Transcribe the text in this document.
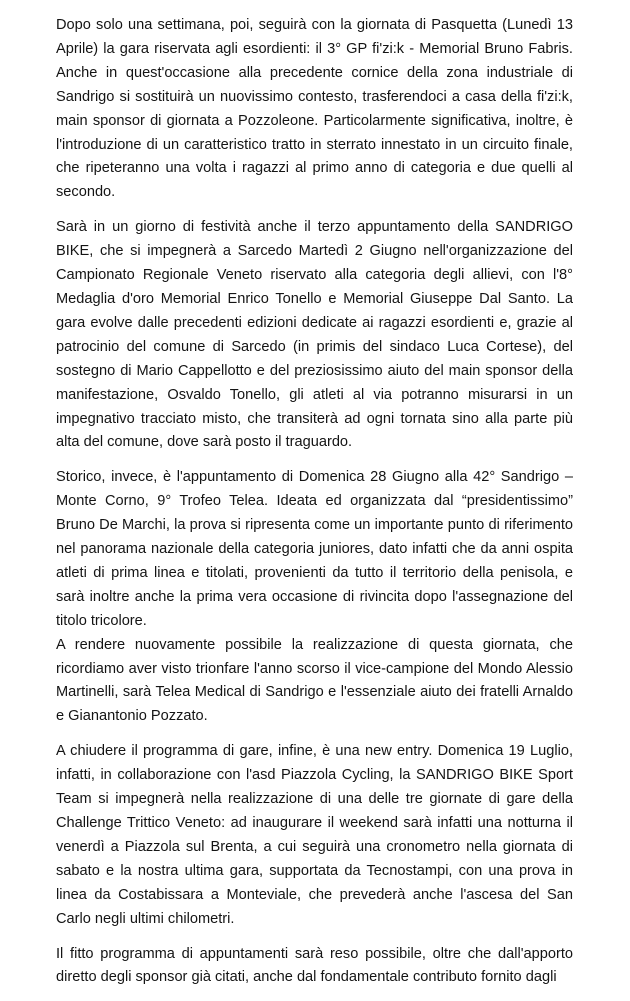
Dopo solo una settimana, poi, seguirà con la giornata di Pasquetta (Lunedì 13 Aprile) la gara riservata agli esordienti: il 3° GP fi'zi:k - Memorial Bruno Fabris. Anche in quest'occasione alla precedente cornice della zona industriale di Sandrigo si sostituirà un nuovissimo contesto, trasferendoci a casa della fi'zi:k, main sponsor di giornata a Pozzoleone. Particolarmente significativa, inoltre, è l'introduzione di un caratteristico tratto in sterrato innestato in un circuito finale, che ripeteranno una volta i ragazzi al primo anno di categoria e due quelli al secondo.

Sarà in un giorno di festività anche il terzo appuntamento della SANDRIGO BIKE, che si impegnerà a Sarcedo Martedì 2 Giugno nell'organizzazione del Campionato Regionale Veneto riservato alla categoria degli allievi, con l'8° Medaglia d'oro Memorial Enrico Tonello e Memorial Giuseppe Dal Santo. La gara evolve dalle precedenti edizioni dedicate ai ragazzi esordienti e, grazie al patrocinio del comune di Sarcedo (in primis del sindaco Luca Cortese), del sostegno di Mario Cappellotto e del preziosissimo aiuto del main sponsor della manifestazione, Osvaldo Tonello, gli atleti al via potranno misurarsi in un impegnativo tracciato misto, che transiterà ad ogni tornata sino alla parte più alta del comune, dove sarà posto il traguardo.

Storico, invece, è l'appuntamento di Domenica 28 Giugno alla 42° Sandrigo – Monte Corno, 9° Trofeo Telea. Ideata ed organizzata dal “presidentissimo” Bruno De Marchi, la prova si ripresenta come un importante punto di riferimento nel panorama nazionale della categoria juniores, dato infatti che da anni ospita atleti di prima linea e titolati, provenienti da tutto il territorio della penisola, e sarà inoltre anche la prima vera occasione di rivincita dopo l'assegnazione del titolo tricolore.

A rendere nuovamente possibile la realizzazione di questa giornata, che ricordiamo aver visto trionfare l'anno scorso il vice-campione del Mondo Alessio Martinelli, sarà Telea Medical di Sandrigo e l'essenziale aiuto dei fratelli Arnaldo e Gianantonio Pozzato.

A chiudere il programma di gare, infine, è una new entry. Domenica 19 Luglio, infatti, in collaborazione con l'asd Piazzola Cycling, la SANDRIGO BIKE Sport Team si impegnerà nella realizzazione di una delle tre giornate di gare della Challenge Trittico Veneto: ad inaugurare il weekend sarà infatti una notturna il venerdì a Piazzola sul Brenta, a cui seguirà una cronometro nella giornata di sabato e la nostra ultima gara, supportata da Tecnostampi, con una prova in linea da Costabissara a Monteviale, che prevederà anche l'ascesa del San Carlo negli ultimi chilometri.

Il fitto programma di appuntamenti sarà reso possibile, oltre che dall'apporto diretto degli sponsor già citati, anche dal fondamentale contributo fornito dagli
